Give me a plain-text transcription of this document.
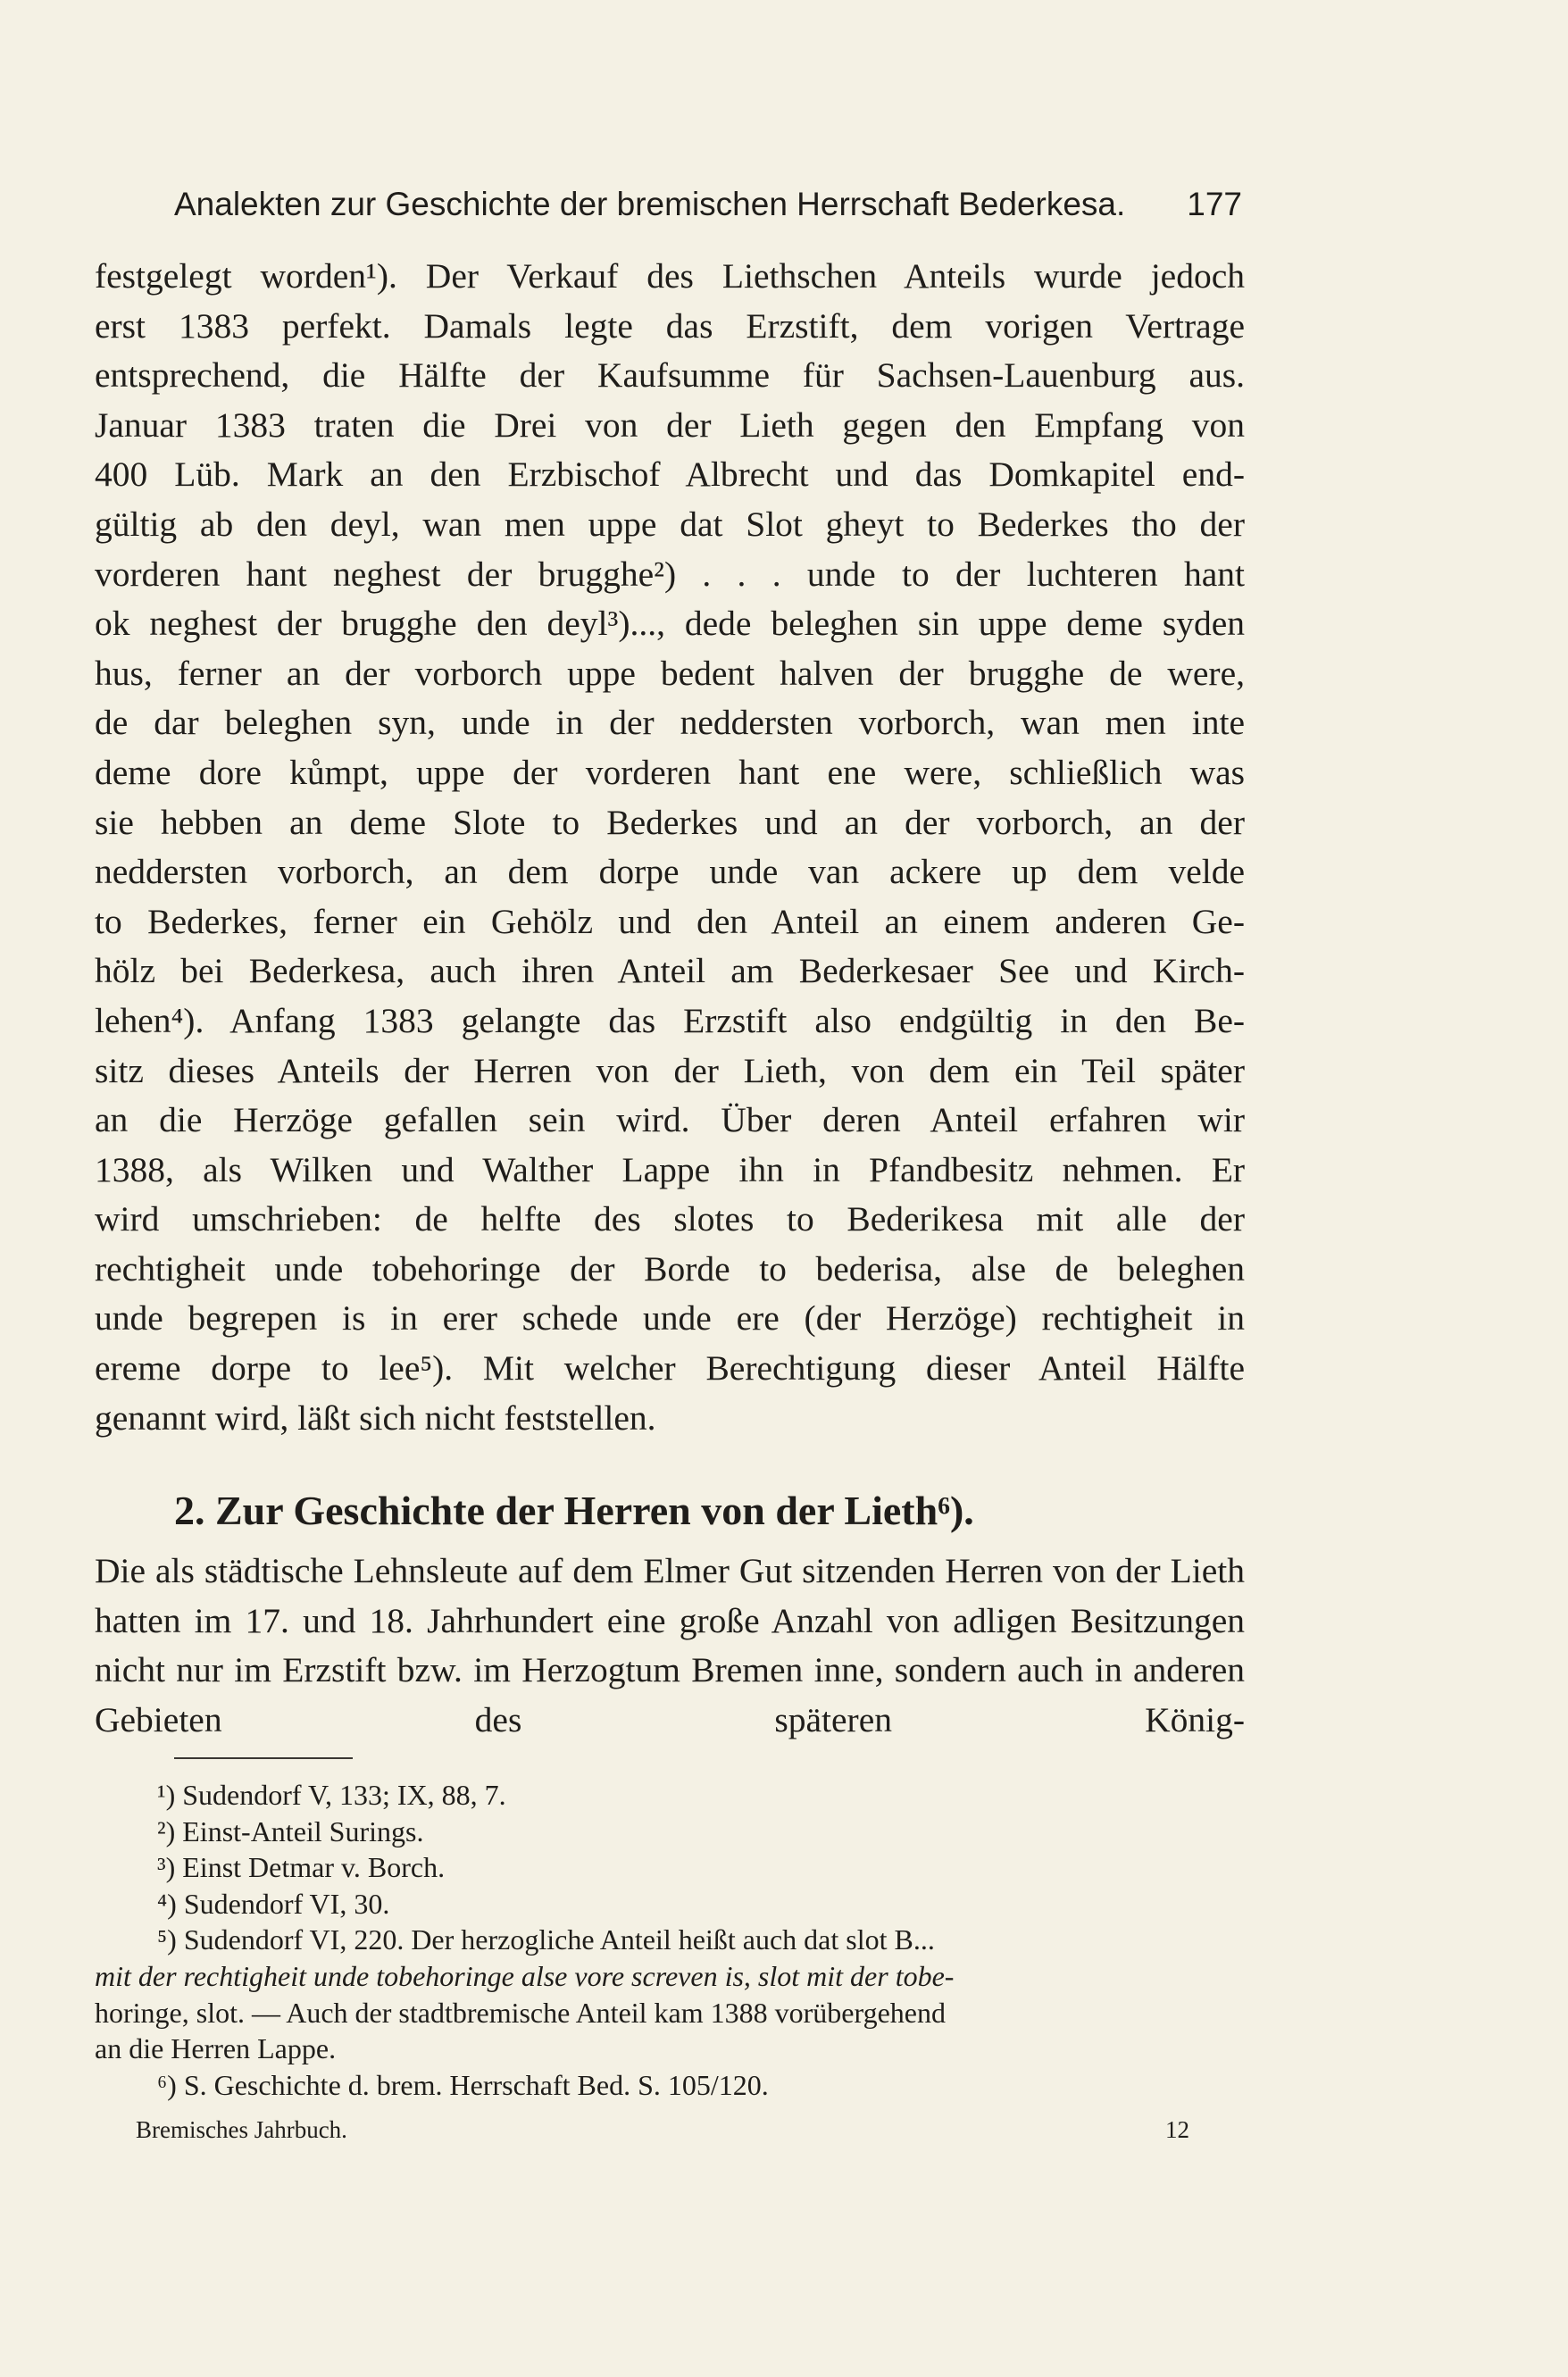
Analekten zur Geschichte der bremischen Herrschaft Bederkesa. 177
festgelegt worden¹). Der Verkauf des Liethschen Anteils wurde jedoch
erst 1383 perfekt. Damals legte das Erzstift, dem vorigen Vertrage
entsprechend, die Hälfte der Kaufsumme für Sachsen-Lauenburg aus.
Januar 1383 traten die Drei von der Lieth gegen den Empfang von
400 Lüb. Mark an den Erzbischof Albrecht und das Domkapitel end-
gültig ab den deyl, wan men uppe dat Slot gheyt to Bederkes tho der
vorderen hant neghest der brugghe²) . . . unde to der luchteren hant
ok neghest der brugghe den deyl³)..., dede beleghen sin uppe deme syden
hus, ferner an der vorborch uppe bedent halven der brugghe de were,
de dar beleghen syn, unde in der neddersten vorborch, wan men inte
deme dore kůmpt, uppe der vorderen hant ene were, schließlich was
sie hebben an deme Slote to Bederkes und an der vorborch, an der
neddersten vorborch, an dem dorpe unde van ackere up dem velde
to Bederkes, ferner ein Gehölz und den Anteil an einem anderen Ge-
hölz bei Bederkesa, auch ihren Anteil am Bederkesaer See und Kirch-
lehen⁴). Anfang 1383 gelangte das Erzstift also endgültig in den Be-
sitz dieses Anteils der Herren von der Lieth, von dem ein Teil später
an die Herzöge gefallen sein wird. Über deren Anteil erfahren wir
1388, als Wilken und Walther Lappe ihn in Pfandbesitz nehmen. Er
wird umschrieben: de helfte des slotes to Bederikesa mit alle der
rechtigheit unde tobehoringe der Borde to bederisa, alse de beleghen
unde begrepen is in erer schede unde ere (der Herzöge) rechtigheit in
ereme dorpe to lee⁵). Mit welcher Berechtigung dieser Anteil Hälfte
genannt wird, läßt sich nicht feststellen.
2. Zur Geschichte der Herren von der Lieth⁶).
Die als städtische Lehnsleute auf dem Elmer Gut sitzenden Herren von der Lieth hatten im 17. und 18. Jahrhundert eine große Anzahl von adligen Besitzungen nicht nur im Erzstift bzw. im Herzogtum Bremen inne, sondern auch in anderen Gebieten des späteren König-
¹) Sudendorf V, 133; IX, 88, 7.
²) Einst-Anteil Surings.
³) Einst Detmar v. Borch.
⁴) Sudendorf VI, 30.
⁵) Sudendorf VI, 220. Der herzogliche Anteil heißt auch dat slot B...
mit der rechtigheit unde tobehoringe alse vore screven is, slot mit der tobe-
horinge, slot. — Auch der stadtbremische Anteil kam 1388 vorübergehend
an die Herren Lappe.
⁶) S. Geschichte d. brem. Herrschaft Bed. S. 105/120.
Bremisches Jahrbuch.	12
